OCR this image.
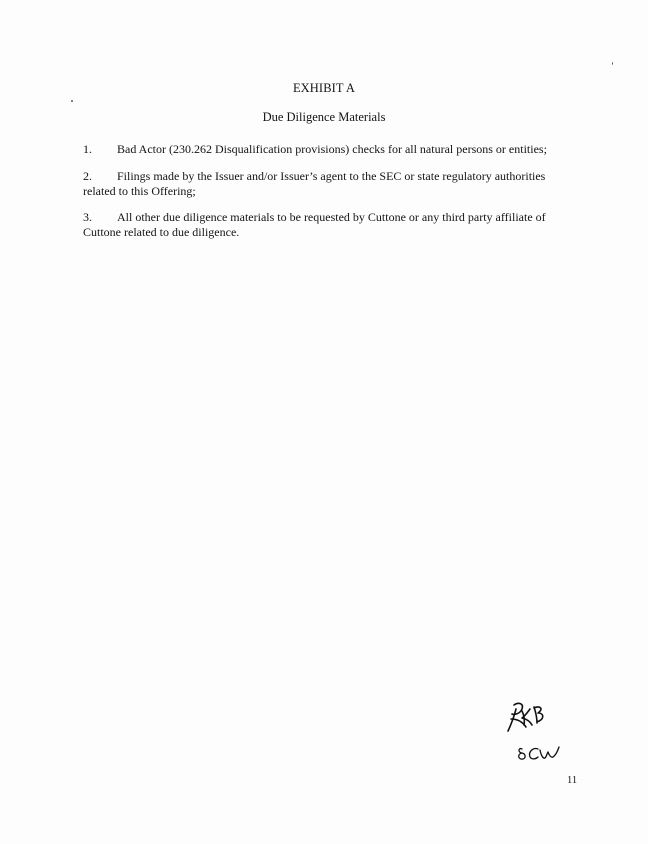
EXHIBIT A
Due Diligence Materials
1. Bad Actor (230.262 Disqualification provisions) checks for all natural persons or entities;
2. Filings made by the Issuer and/or Issuer’s agent to the SEC or state regulatory authorities related to this Offering;
3. All other due diligence materials to be requested by Cuttone or any third party affiliate of Cuttone related to due diligence.
11
